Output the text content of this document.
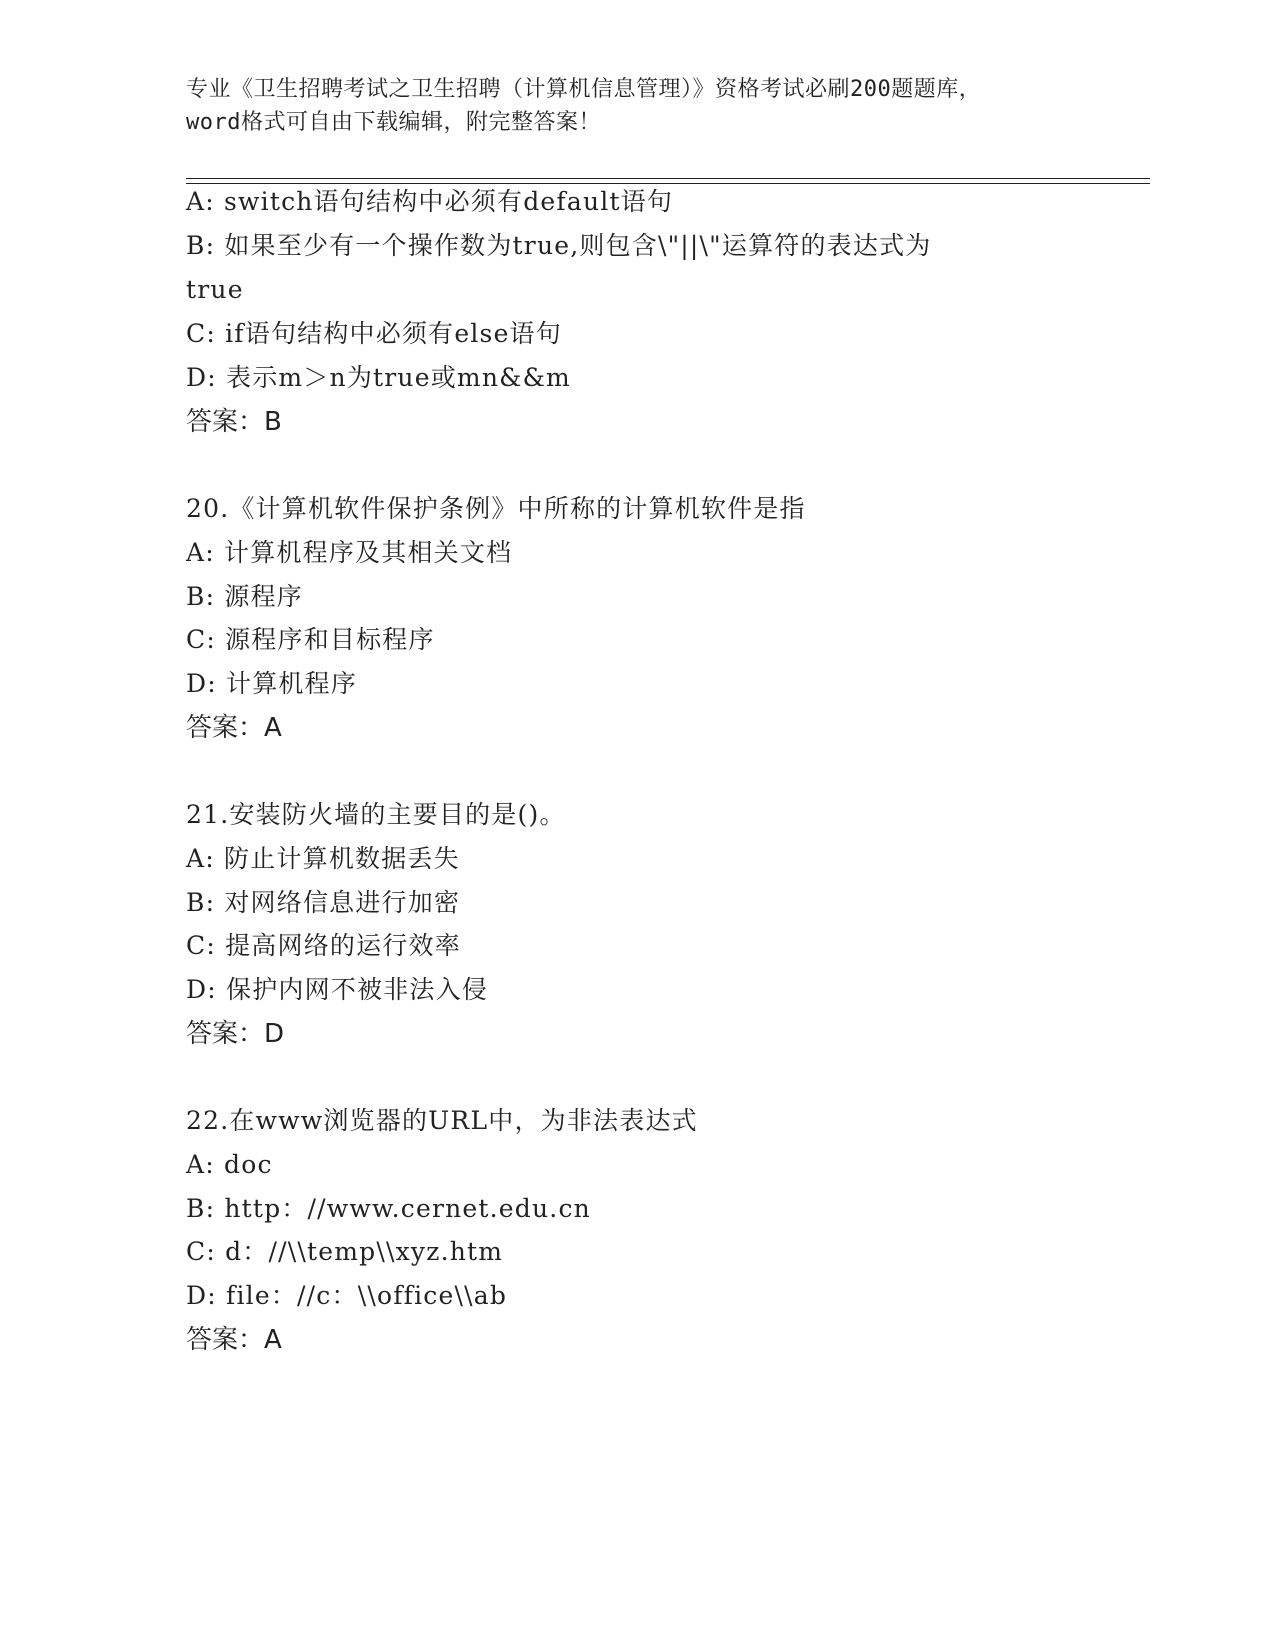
专业《卫生招聘考试之卫生招聘（计算机信息管理）》资格考试必刷200题题库，

word格式可自由下载编辑，附完整答案！

A: switch语句结构中必须有default语句
B: 如果至少有一个操作数为true,则包含\"||\"运算符的表达式为
true
C: if语句结构中必须有else语句
D: 表示m＞n为true或mn&&m
答案：B
20.《计算机软件保护条例》中所称的计算机软件是指
A: 计算机程序及其相关文档
B: 源程序
C: 源程序和目标程序
D: 计算机程序
答案：A
21.安装防火墙的主要目的是()。
A: 防止计算机数据丢失
B: 对网络信息进行加密
C: 提高网络的运行效率
D: 保护内网不被非法入侵
答案：D
22.在www浏览器的URL中，为非法表达式
A: doc
B: http：//www.cernet.edu.cn
C: d：//\\temp\\xyz.htm
D: file：//c：\\office\\ab
答案：A
